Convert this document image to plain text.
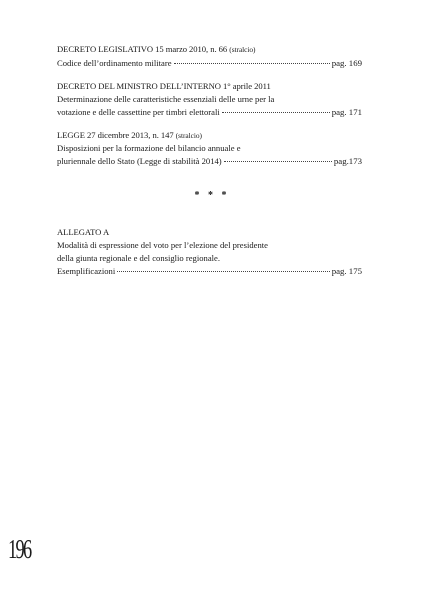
DECRETO LEGISLATIVO 15 marzo 2010, n. 66 (stralcio)
Codice dell’ordinamento militare	pag. 169
DECRETO DEL MINISTRO DELL’INTERNO 1° aprile 2011
Determinazione delle caratteristiche essenziali delle urne per la
votazione e delle cassettine per timbri elettorali	pag. 171
LEGGE 27 dicembre 2013, n. 147 (stralcio)
Disposizioni per la formazione del bilancio annuale e
pluriennale dello Stato (Legge di stabilità 2014)	pag.173
* * *
ALLEGATO A
Modalità di espressione del voto per l’elezione del presidente
della giunta regionale e del consiglio regionale.
Esemplificazioni	pag. 175
196
